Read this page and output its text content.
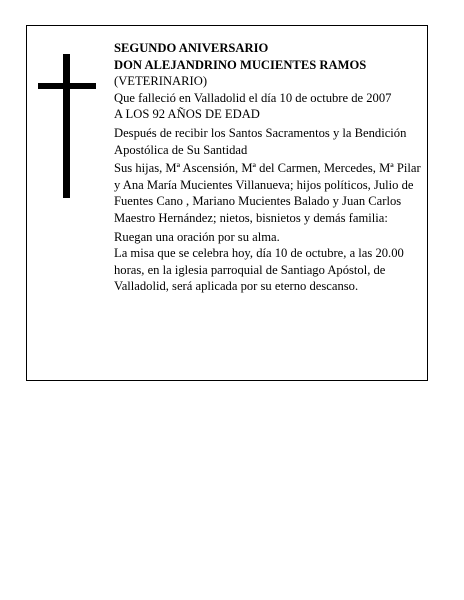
SEGUNDO ANIVERSARIO

DON ALEJANDRINO MUCIENTES RAMOS

(VETERINARIO)

Que falleció en Valladolid el día 10 de octubre de 2007

A LOS 92 AÑOS DE EDAD

Después de recibir los Santos Sacramentos y la Bendición Apostólica de Su Santidad

Sus hijas, Mª Ascensión, Mª del Carmen, Mercedes, Mª Pilar y Ana María Mucientes Villanueva; hijos políticos, Julio de Fuentes Cano , Mariano Mucientes Balado y Juan Carlos Maestro Hernández; nietos, bisnietos y demás familia:

Ruegan una oración por su alma.

La misa que se celebra hoy, día 10 de octubre, a las 20.00 horas, en la iglesia parroquial de Santiago Apóstol, de Valladolid, será aplicada por su eterno descanso.
